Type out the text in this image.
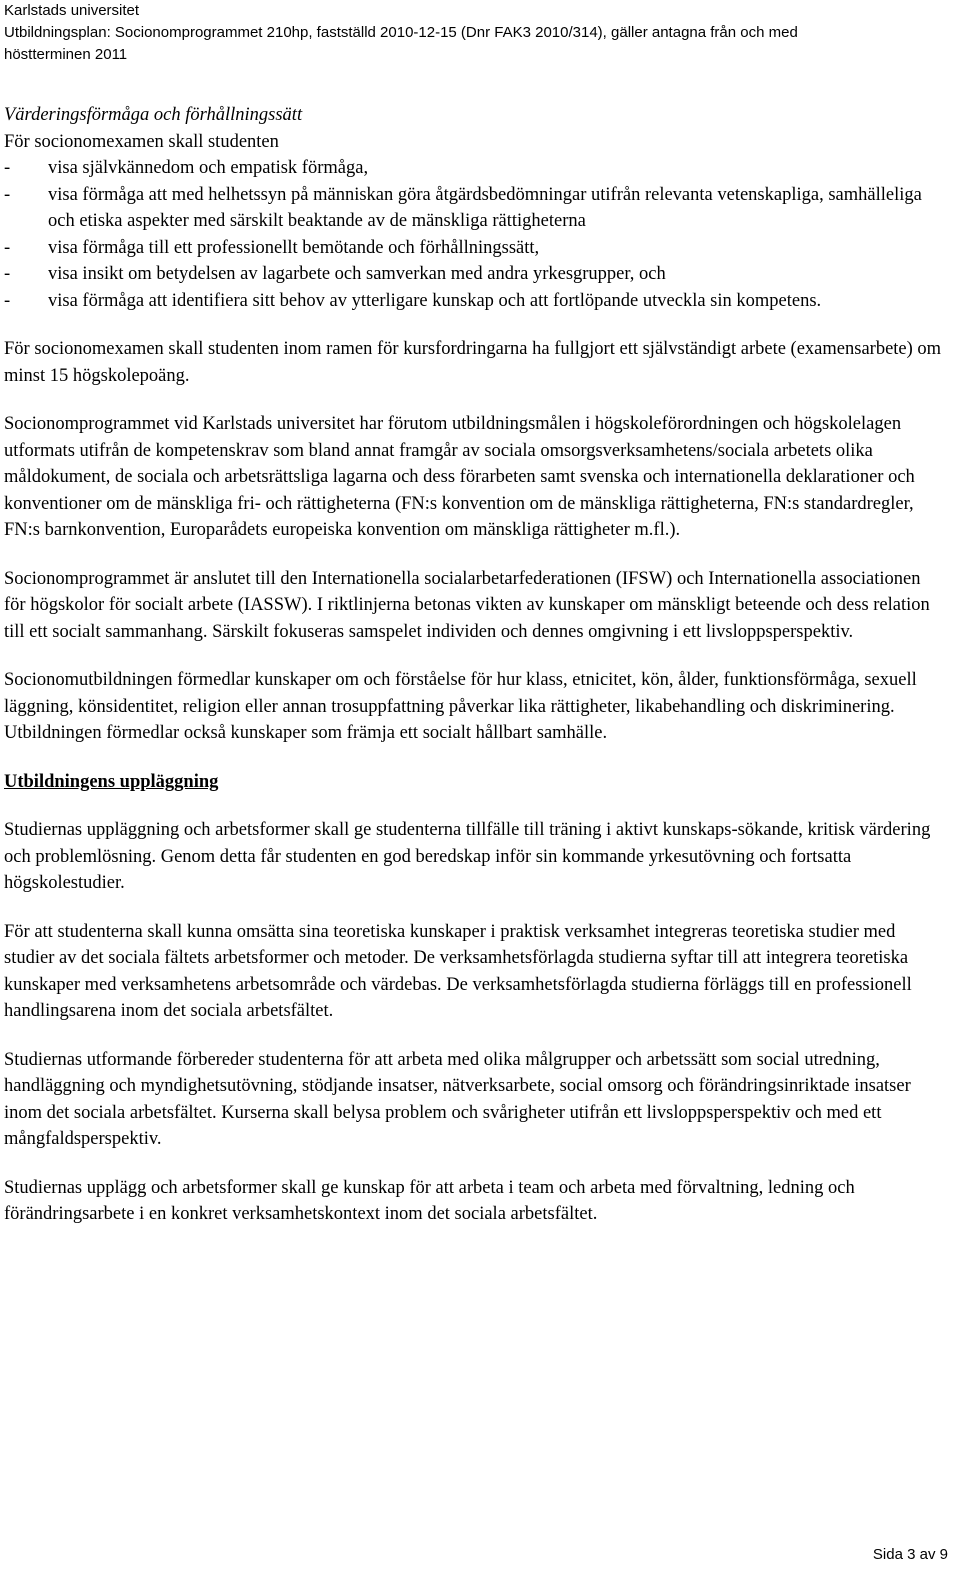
Karlstads universitet
Utbildningsplan: Socionomprogrammet 210hp, fastställd 2010-12-15 (Dnr FAK3 2010/314), gäller antagna från och med
höstterminen 2011

Värderingsförmåga och förhållningssätt

För socionomexamen skall studenten

-	visa självkännedom och empatisk förmåga,
-	visa förmåga att med helhetssyn på människan göra åtgärdsbedömningar utifrån relevanta vetenskapliga, samhälleliga och etiska aspekter med särskilt beaktande av de mänskliga rättigheterna
-	visa förmåga till ett professionellt bemötande och förhållningssätt,
-	visa insikt om betydelsen av lagarbete och samverkan med andra yrkesgrupper, och
-	visa förmåga att identifiera sitt behov av ytterligare kunskap och att fortlöpande utveckla sin kompetens.

För socionomexamen skall studenten inom ramen för kursfordringarna ha fullgjort ett självständigt arbete (examensarbete) om minst 15 högskolepoäng.

Socionomprogrammet vid Karlstads universitet har förutom utbildningsmålen i högskoleförordningen och högskolelagen utformats utifrån de kompetenskrav som bland annat framgår av sociala omsorgsverksamhetens/sociala arbetets olika måldokument, de sociala och arbetsrättsliga lagarna och dess förarbeten samt svenska och internationella deklarationer och konventioner om de mänskliga fri- och rättigheterna (FN:s konvention om de mänskliga rättigheterna, FN:s standardregler, FN:s barnkonvention, Europarådets europeiska konvention om mänskliga rättigheter m.fl.).

Socionomprogrammet är anslutet till den Internationella socialarbetarfederationen (IFSW) och Internationella associationen för högskolor för socialt arbete (IASSW). I riktlinjerna betonas vikten av kunskaper om mänskligt beteende och dess relation till ett socialt sammanhang. Särskilt fokuseras samspelet individen och dennes omgivning i ett livsloppsperspektiv.

Socionomutbildningen förmedlar kunskaper om och förståelse för hur klass, etnicitet, kön, ålder, funktionsförmåga, sexuell läggning, könsidentitet, religion eller annan trosuppfattning påverkar lika rättigheter, likabehandling och diskriminering. Utbildningen förmedlar också kunskaper som främja ett socialt hållbart samhälle.

Utbildningens uppläggning

Studiernas uppläggning och arbetsformer skall ge studenterna tillfälle till träning i aktivt kunskaps-sökande, kritisk värdering och problemlösning. Genom detta får studenten en god beredskap inför sin kommande yrkesutövning och fortsatta högskolestudier.

För att studenterna skall kunna omsätta sina teoretiska kunskaper i praktisk verksamhet integreras teoretiska studier med studier av det sociala fältets arbetsformer och metoder. De verksamhetsförlagda studierna syftar till att integrera teoretiska kunskaper med verksamhetens arbetsområde och värdebas. De verksamhetsförlagda studierna förläggs till en professionell handlingsarena inom det sociala arbetsfältet.

Studiernas utformande förbereder studenterna för att arbeta med olika målgrupper och arbetssätt som social utredning, handläggning och myndighetsutövning, stödjande insatser, nätverksarbete, social omsorg och förändringsinriktade insatser inom det sociala arbetsfältet. Kurserna skall belysa problem och svårigheter utifrån ett livsloppsperspektiv och med ett mångfaldsperspektiv.

Studiernas upplägg och arbetsformer skall ge kunskap för att arbeta i team och arbeta med förvaltning, ledning och förändringsarbete i en konkret verksamhetskontext inom det sociala arbetsfältet.

Sida 3 av 9
